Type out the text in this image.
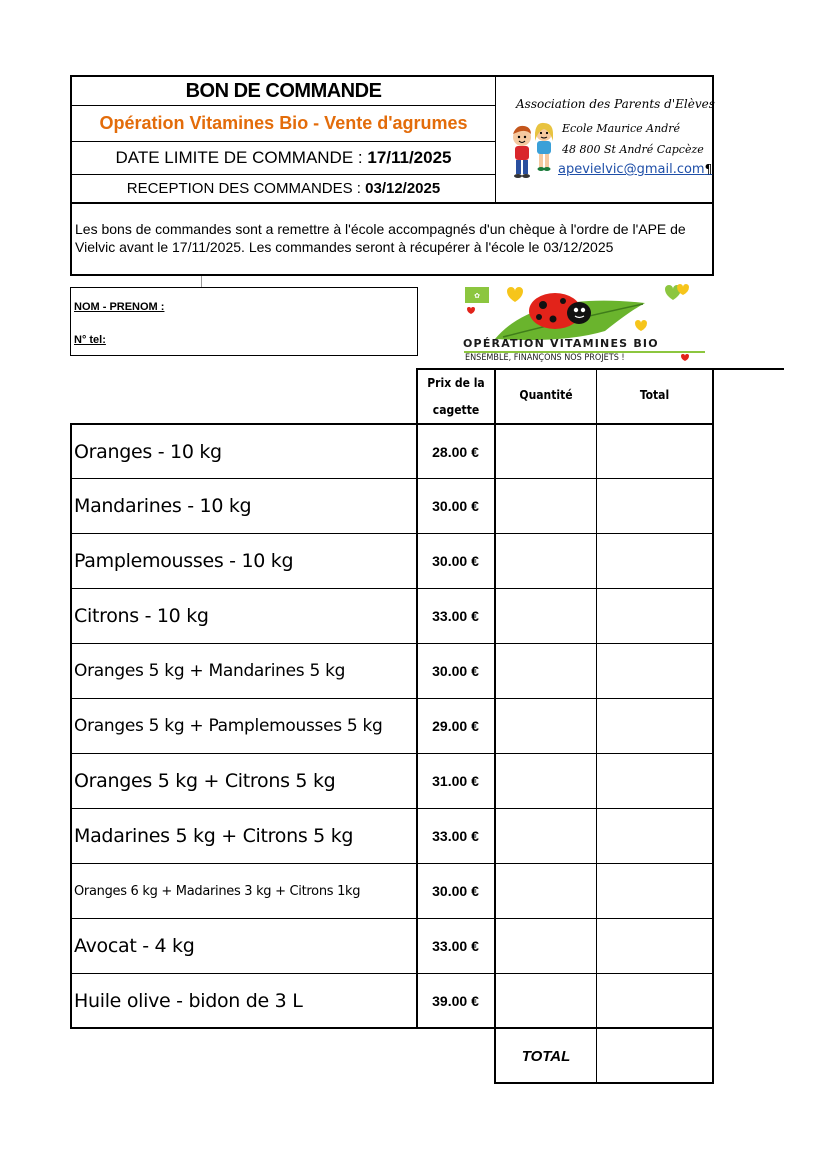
BON DE COMMANDE
Opération Vitamines Bio - Vente d'agrumes
DATE LIMITE DE COMMANDE :
17/11/2025
RECEPTION DES COMMANDES :
03/12/2025
Association des Parents d'Elèves
Ecole Maurice André
48 800 St André Capcèze
apevielvic@gmail.com¶
Les bons de commandes sont a remettre à l'école accompagnés d'un chèque à l'ordre de l'APE de Vielvic avant le 17/11/2025. Les commandes seront à récupérer à l'école le 03/12/2025
NOM - PRENOM :
N° tel:
✿
OPÉRATION VITAMINES BIO
ENSEMBLE, FINANÇONS NOS PROJETS !
Prix de la
cagette
Quantité	Total
Oranges - 10 kg	28.00 €
Mandarines - 10 kg	30.00 €
Pamplemousses - 10 kg	30.00 €
Citrons - 10 kg	33.00 €
Oranges 5 kg + Mandarines 5 kg	30.00 €
Oranges 5 kg + Pamplemousses 5 kg	29.00 €
Oranges 5 kg + Citrons 5 kg	31.00 €
Madarines 5 kg + Citrons 5 kg	33.00 €
Oranges 6 kg + Madarines 3 kg + Citrons 1kg	30.00 €
Avocat - 4 kg	33.00 €
Huile olive - bidon de 3 L	39.00 €
TOTAL
